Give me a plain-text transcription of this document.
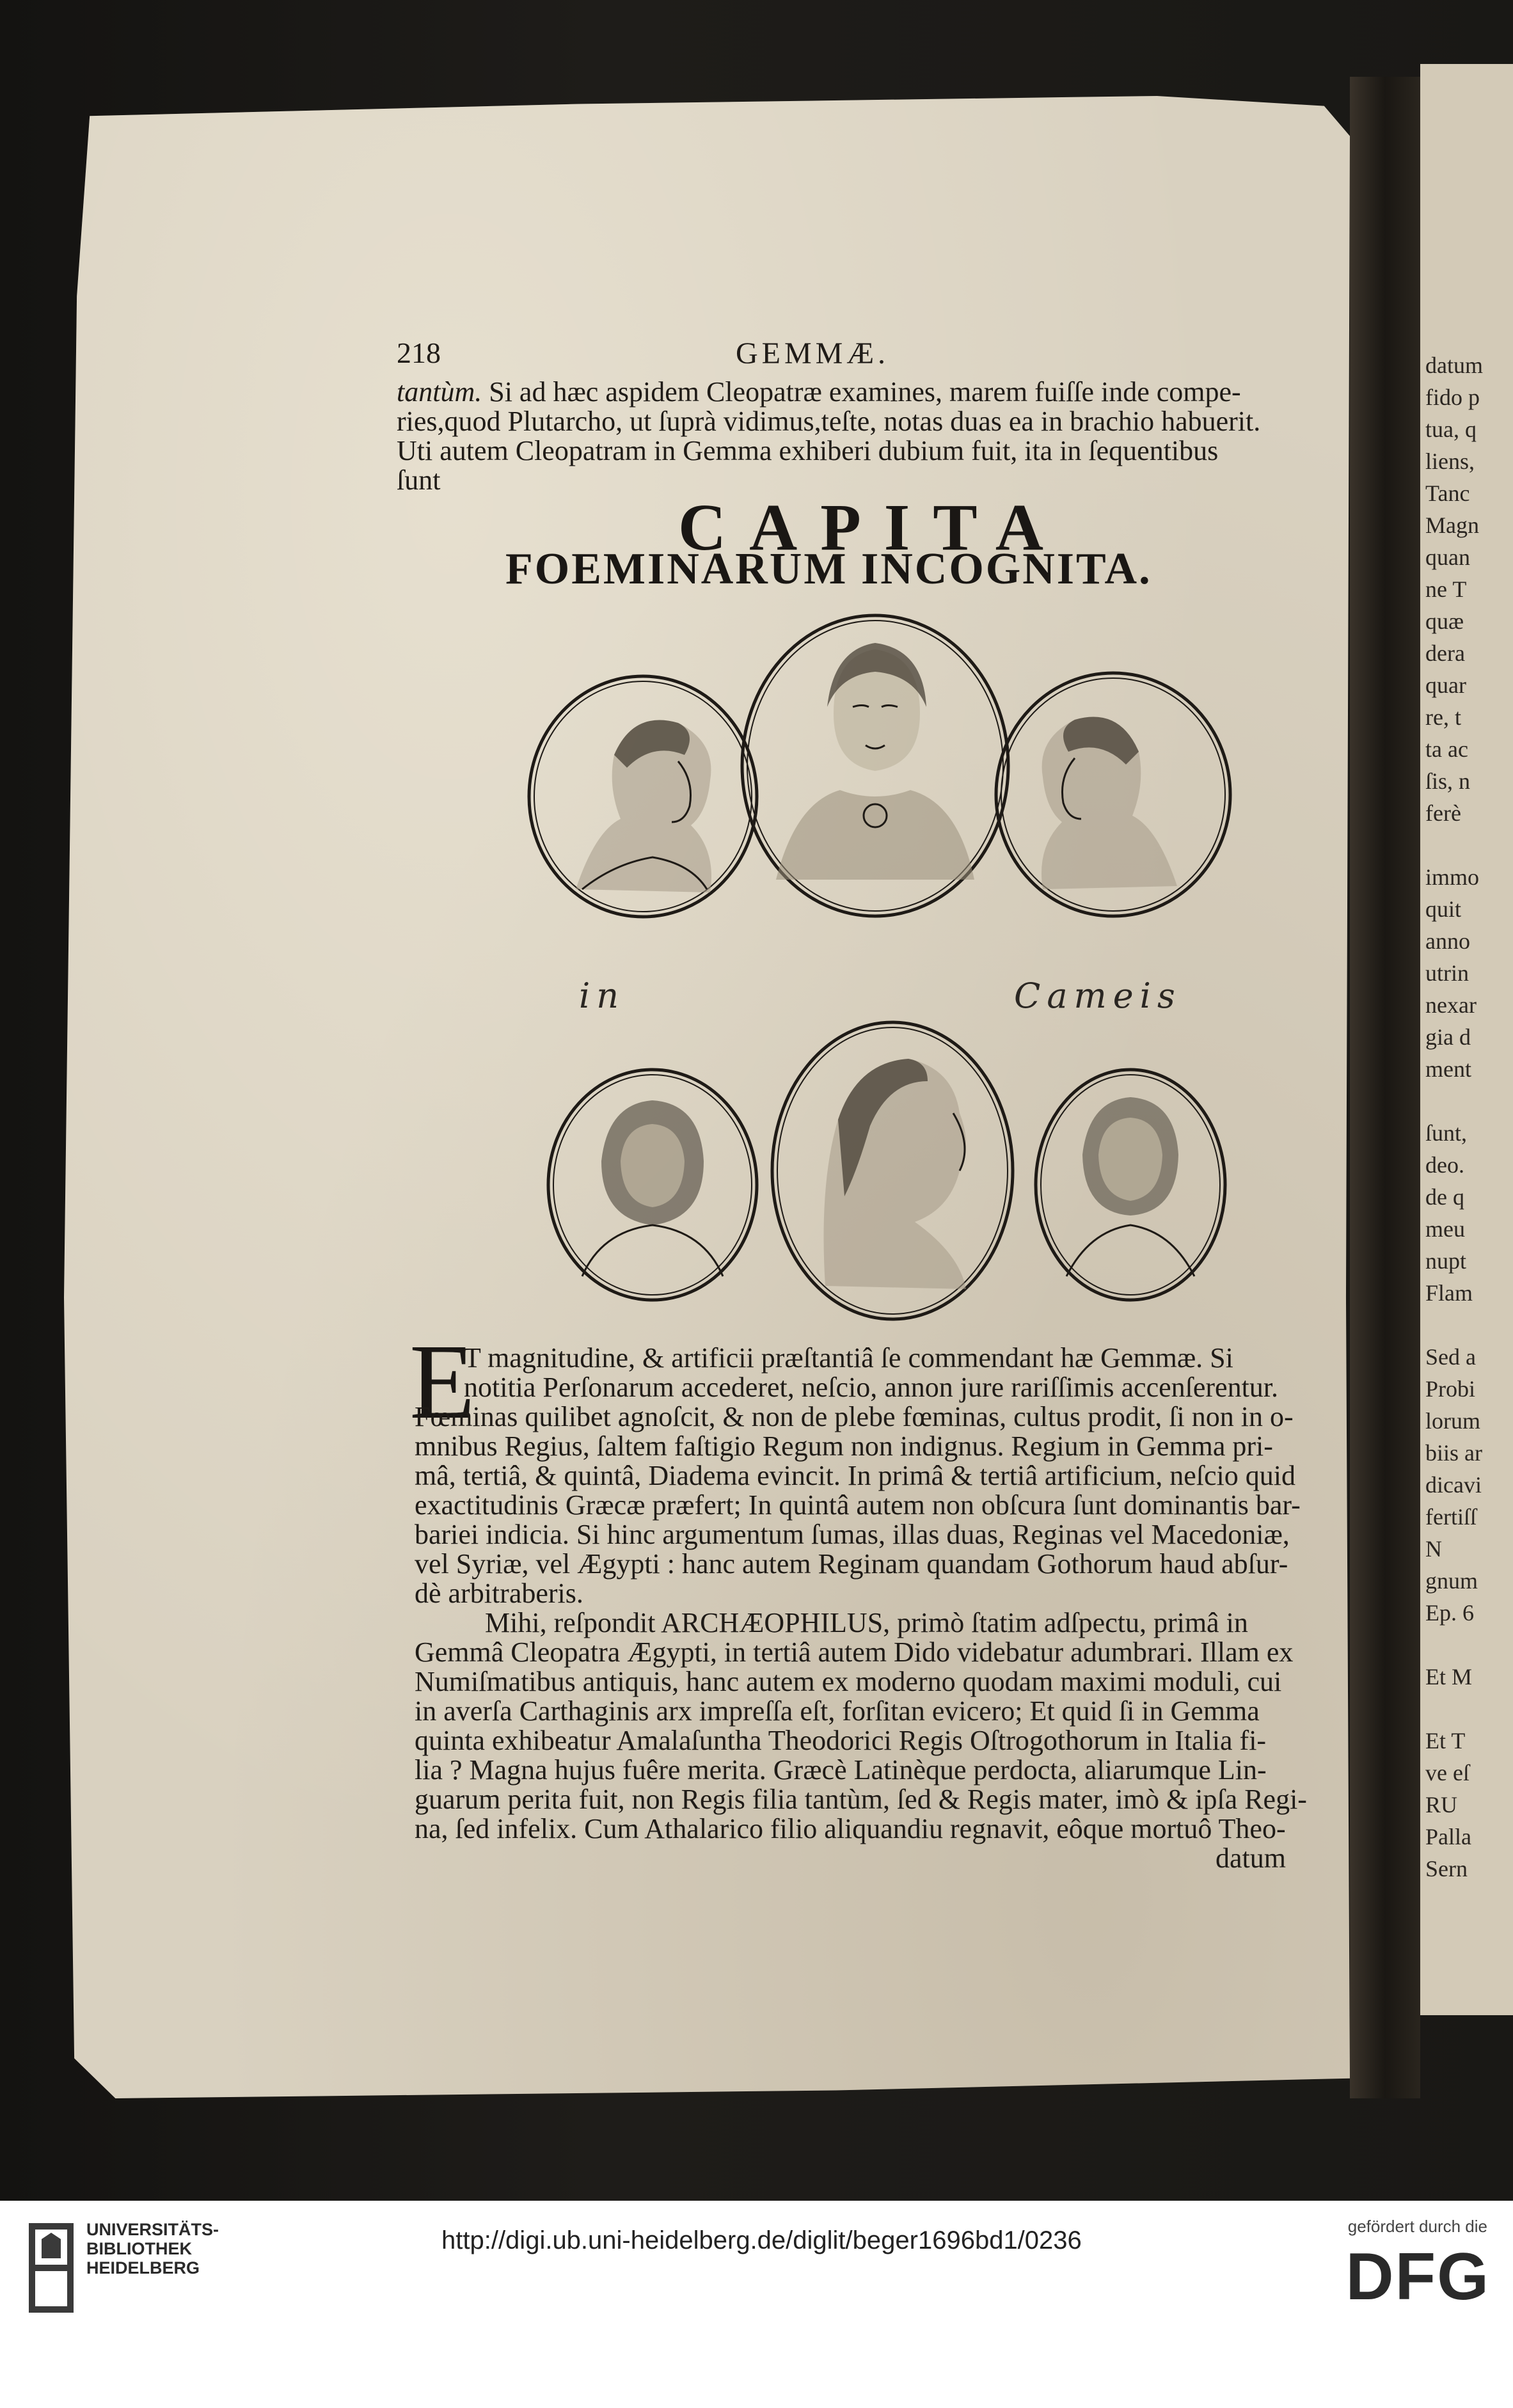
datum
fido p
tua, q
liens,
Tanc
Magn
quan
ne T
quæ
dera
quar
re, t
ta ac
ſis, n
ferè
immo
quit
anno
utrin
nexar
gia d
ment
ſunt,
deo.
de q
meu
nupt
Flam
Sed a
Probi
lorum
biis ar
dicavi
fertiſſ
N
gnum
Ep. 6
Et M
Et T
ve eſ
RU
Palla
Sern
218	GEMMÆ.
tantùm. Si ad hæc aspidem Cleopatræ examines, marem fuiſſe inde compe-
ries,quod Plutarcho, ut ſuprà vidimus,teſte, notas duas ea in brachio habuerit.
Uti autem Cleopatram in Gemma exhiberi dubium fuit, ita in ſequentibus
ſunt
CAPITA
FOEMINARUM INCOGNITA.
in	Cameis
E
T magnitudine, & artificii præſtantiâ ſe commendant hæ Gemmæ. Si
notitia Perſonarum accederet, neſcio, annon jure rariſſimis accenſerentur.
Fœminas quilibet agnoſcit, & non de plebe fœminas, cultus prodit, ſi non in o-
mnibus Regius, ſaltem faſtigio Regum non indignus. Regium in Gemma pri-
mâ, tertiâ, & quintâ, Diadema evincit. In primâ & tertiâ artificium, neſcio quid
exactitudinis Græcæ præfert; In quintâ autem non obſcura ſunt dominantis bar-
bariei indicia. Si hinc argumentum ſumas, illas duas, Reginas vel Macedoniæ,
vel Syriæ, vel Ægypti : hanc autem Reginam quandam Gothorum haud abſur-
dè arbitraberis.
Mihi, reſpondit ARCHÆOPHILUS, primò ſtatim adſpectu, primâ in
Gemmâ Cleopatra Ægypti, in tertiâ autem Dido videbatur adumbrari. Illam ex
Numiſmatibus antiquis, hanc autem ex moderno quodam maximi moduli, cui
in averſa Carthaginis arx impreſſa eſt, forſitan evicero; Et quid ſi in Gemma
quinta exhibeatur Amalaſuntha Theodorici Regis Oſtrogothorum in Italia fi-
lia ? Magna hujus fuêre merita. Græcè Latinèque perdocta, aliarumque Lin-
guarum perita fuit, non Regis filia tantùm, ſed & Regis mater, imò & ipſa Regi-
na, ſed infelix. Cum Athalarico filio aliquandiu regnavit, eôque mortuô Theo-
datum
UNIVERSITÄTS-
BIBLIOTHEK
HEIDELBERG
http://digi.ub.uni-heidelberg.de/diglit/beger1696bd1/0236	gefördert durch die
DFG
